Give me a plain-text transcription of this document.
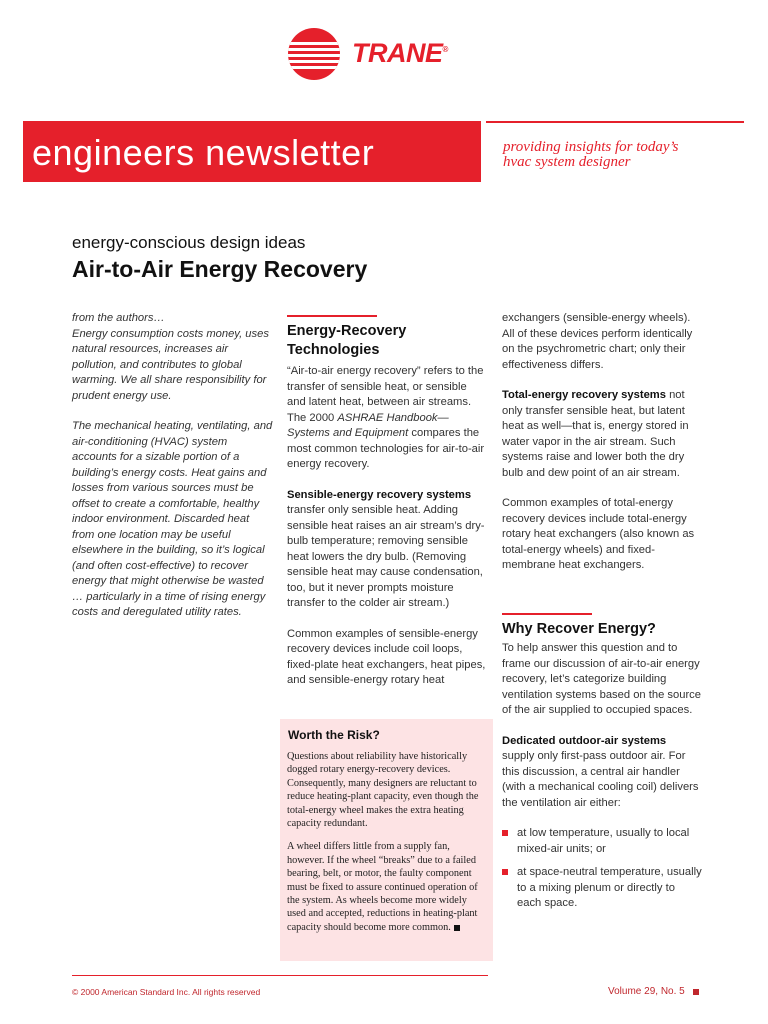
TRANE®
engineers newsletter	providing insights for today’s
hvac system designer
energy-conscious design ideas
Air-to-Air Energy Recovery
from the authors…

Energy consumption costs money, uses natural resources, increases air pollution, and contributes to global warming. We all share responsibility for prudent energy use.

The mechanical heating, ventilating, and air-conditioning (HVAC) system accounts for a sizable portion of a building’s energy costs. Heat gains and losses from various sources must be offset to create a comfortable, healthy indoor environment. Discarded heat from one location may be useful elsewhere in the building, so it’s logical (and often cost-effective) to recover energy that might otherwise be wasted … particularly in a time of rising energy costs and deregulated utility rates.

Energy-Recovery
Technologies

“Air-to-air energy recovery” refers to the transfer of sensible heat, or sensible and latent heat, between air streams. The 2000 ASHRAE Handbook—Systems and Equipment compares the most common technologies for air-to-air energy recovery.

Sensible-energy recovery systems
transfer only sensible heat. Adding sensible heat raises an air stream’s dry-bulb temperature; removing sensible heat lowers the dry bulb. (Removing sensible heat may cause condensation, too, but it never prompts moisture transfer to the colder air stream.)

Common examples of sensible-energy recovery devices include coil loops, fixed-plate heat exchangers, heat pipes, and sensible-energy rotary heat

Worth the Risk?

Questions about reliability have historically dogged rotary energy-recovery devices. Consequently, many designers are reluctant to reduce heating-plant capacity, even though the total-energy wheel makes the extra heating capacity redundant.

A wheel differs little from a supply fan, however. If the wheel “breaks” due to a failed bearing, belt, or motor, the faulty component must be fixed to assure continued operation of the system. As wheels become more widely used and accepted, reductions in heating-plant capacity should become more common.

exchangers (sensible-energy wheels). All of these devices perform identically on the psychrometric chart; only their effectiveness differs.

Total-energy recovery systems not only transfer sensible heat, but latent heat as well—that is, energy stored in water vapor in the air stream. Such systems raise and lower both the dry bulb and dew point of an air stream.

Common examples of total-energy recovery devices include total-energy rotary heat exchangers (also known as total-energy wheels) and fixed-membrane heat exchangers.

Why Recover Energy?

To help answer this question and to frame our discussion of air-to-air energy recovery, let’s categorize building ventilation systems based on the source of the air supplied to occupied spaces.

Dedicated outdoor-air systems
supply only first-pass outdoor air. For this discussion, a central air handler (with a mechanical cooling coil) delivers the ventilation air either:

at low temperature, usually to local mixed-air units; or
at space-neutral temperature, usually to a mixing plenum or directly to each space.
© 2000 American Standard Inc. All rights reserved	Volume 29, No. 5
